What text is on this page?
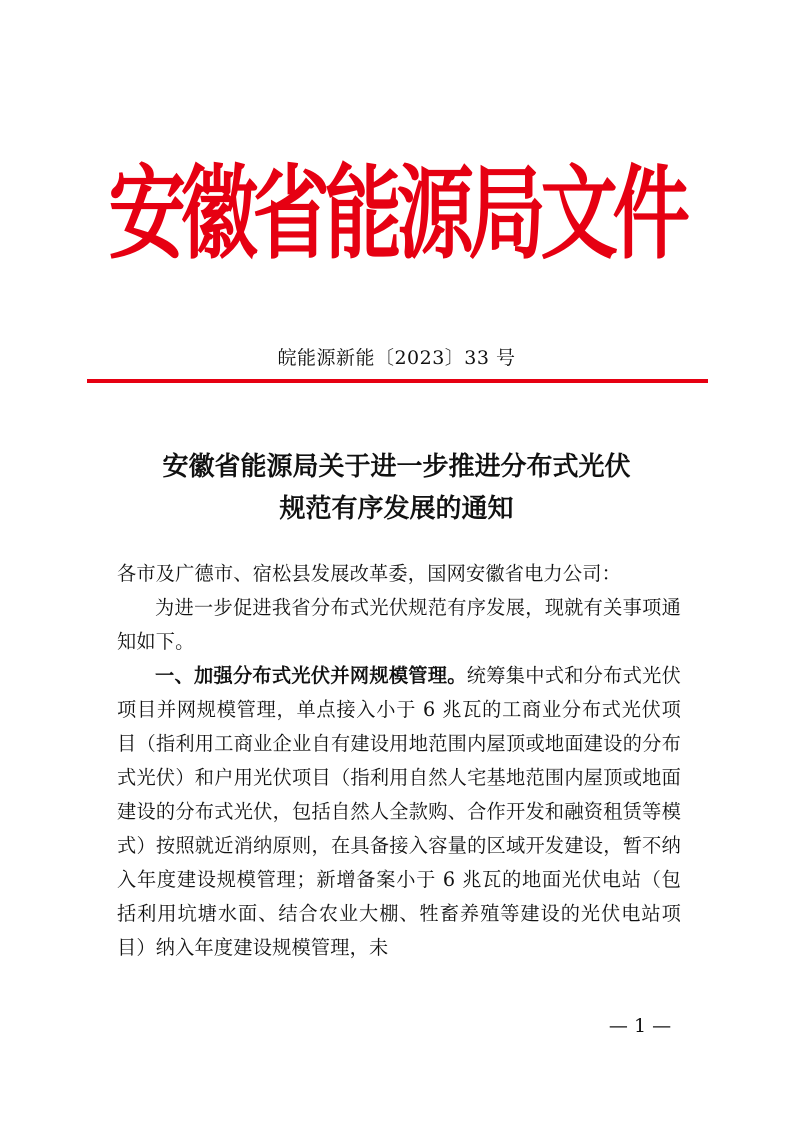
安徽省能源局文件
皖能源新能〔2023〕33 号
安徽省能源局关于进一步推进分布式光伏
规范有序发展的通知

各市及广德市、宿松县发展改革委，国网安徽省电力公司：

为进一步促进我省分布式光伏规范有序发展，现就有关事项通知如下。

一、加强分布式光伏并网规模管理。统筹集中式和分布式光伏项目并网规模管理，单点接入小于 6 兆瓦的工商业分布式光伏项目（指利用工商业企业自有建设用地范围内屋顶或地面建设的分布式光伏）和户用光伏项目（指利用自然人宅基地范围内屋顶或地面建设的分布式光伏，包括自然人全款购、合作开发和融资租赁等模式）按照就近消纳原则，在具备接入容量的区域开发建设，暂不纳入年度建设规模管理；新增备案小于 6 兆瓦的地面光伏电站（包括利用坑塘水面、结合农业大棚、牲畜养殖等建设的光伏电站项目）纳入年度建设规模管理，未

— 1 —
